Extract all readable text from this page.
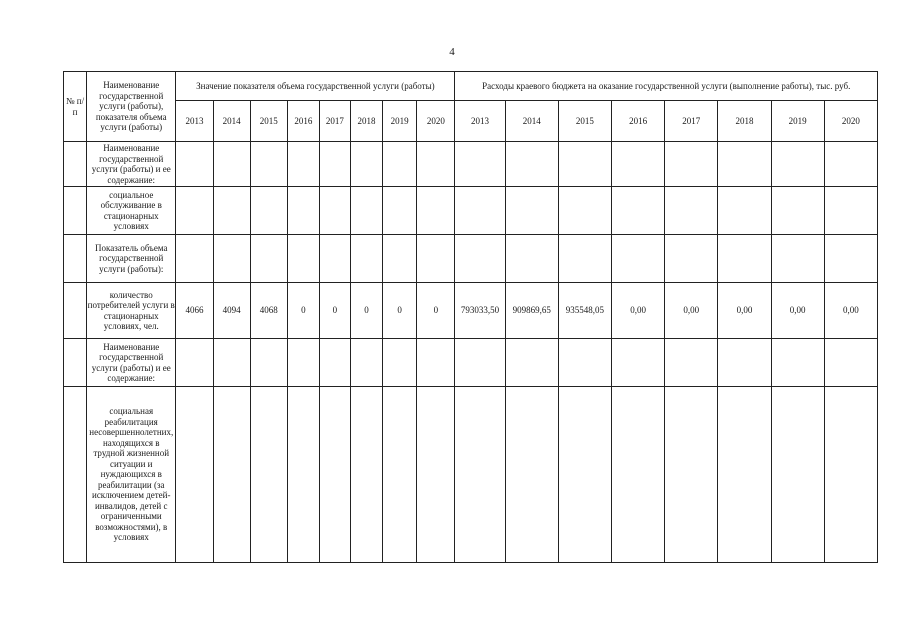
4
№ п/п	Наименование государственной услуги (работы), показателя объема услуги (работы)	Значение показателя объема государственной услуги (работы)								Расходы краевого бюджета на оказание государственной услуги (выполнение работы), тыс. руб.							
		2013	2014	2015	2016	2017	2018	2019	2020	2013	2014	2015	2016	2017	2018	2019	2020
	Наименование государственной услуги (работы) и ее содержание:																
	социальное обслуживание в стационарных условиях																
	Показатель объема государственной услуги (работы):																
	количество потребителей услуги в стационарных условиях, чел.	4066	4094	4068	0	0	0	0	0	793033,50	909869,65	935548,05	0,00	0,00	0,00	0,00	0,00
	Наименование государственной услуги (работы) и ее содержание:																
	социальная реабилитация несовершеннолетних, находящихся в трудной жизненной ситуации и нуждающихся в реабилитации (за исключением детей-инвалидов, детей с ограниченными возможностями), в условиях																
